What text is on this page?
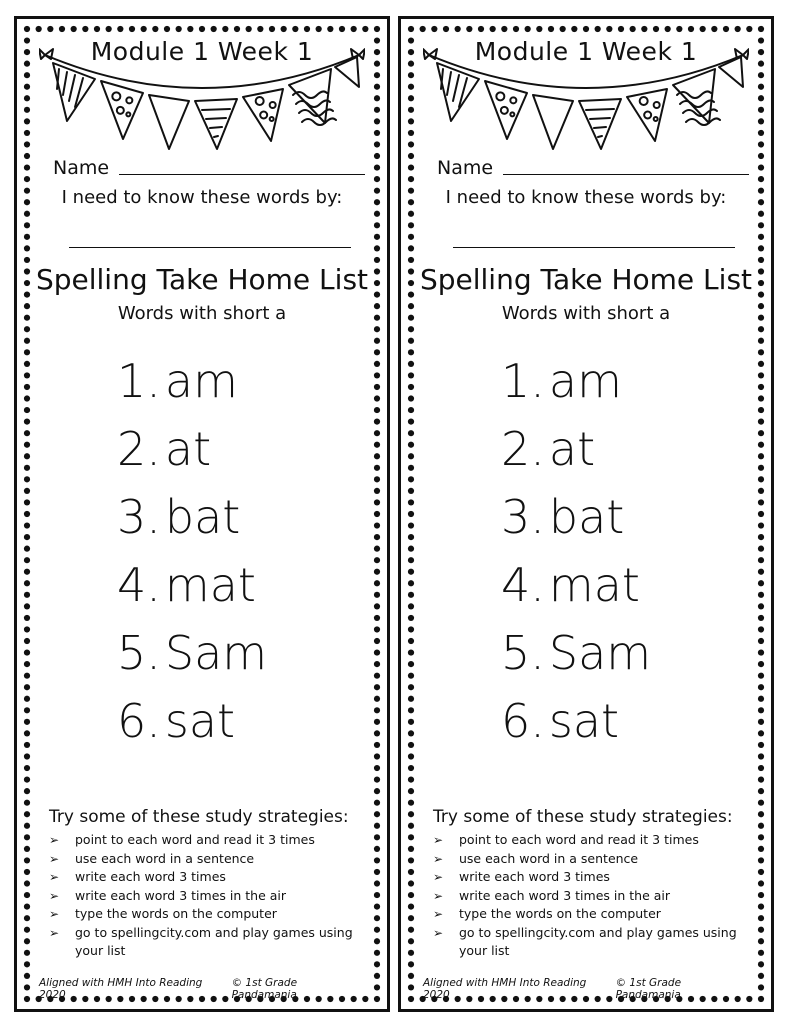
Module 1 Week 1
Name
I need to know these words by:
Spelling Take Home List
Words with short a
1.am
2.at
3.bat
4.mat
5.Sam
6.sat
Try some of these study strategies:
➢	point to each word and read it 3 times
➢	use each word in a sentence
➢	write each word 3 times
➢	write each word 3 times in the air
➢	type the words on the computer
➢	go to spellingcity.com and play games using your list
Aligned with HMH Into Reading 2020
© 1st Grade Pandamania
Module 1 Week 1
Name
I need to know these words by:
Spelling Take Home List
Words with short a
1.am
2.at
3.bat
4.mat
5.Sam
6.sat
Try some of these study strategies:
➢	point to each word and read it 3 times
➢	use each word in a sentence
➢	write each word 3 times
➢	write each word 3 times in the air
➢	type the words on the computer
➢	go to spellingcity.com and play games using your list
Aligned with HMH Into Reading 2020
© 1st Grade Pandamania
